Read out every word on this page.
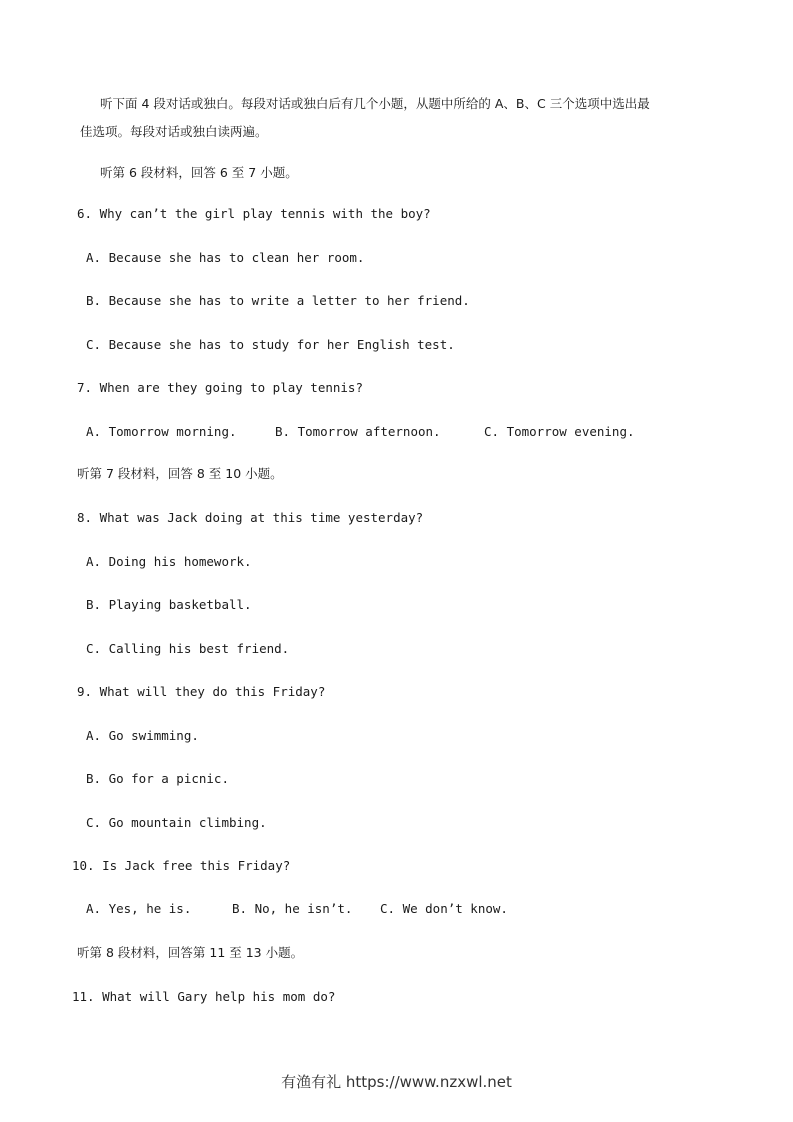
听下面 4 段对话或独白。每段对话或独白后有几个小题，从题中所给的 A、B、C 三个选项中选出最
佳选项。每段对话或独白读两遍。
听第 6 段材料，回答 6 至 7 小题。
6. Why can’t the girl play tennis with the boy?
A. Because she has to clean her room.
B. Because she has to write a letter to her friend.
C. Because she has to study for her English test.
7. When are they going to play tennis?
A. Tomorrow morning.	B. Tomorrow afternoon.	C. Tomorrow evening.
听第 7 段材料，回答 8 至 10 小题。
8. What was Jack doing at this time yesterday?
A. Doing his homework.
B. Playing basketball.
C. Calling his best friend.
9. What will they do this Friday?
A. Go swimming.
B. Go for a picnic.
C. Go mountain climbing.
10. Is Jack free this Friday?
A. Yes, he is.	B. No, he isn’t. C. We don’t know.
听第 8 段材料，回答第 11 至 13 小题。
11. What will Gary help his mom do?
有渔有礼 https://www.nzxwl.net
